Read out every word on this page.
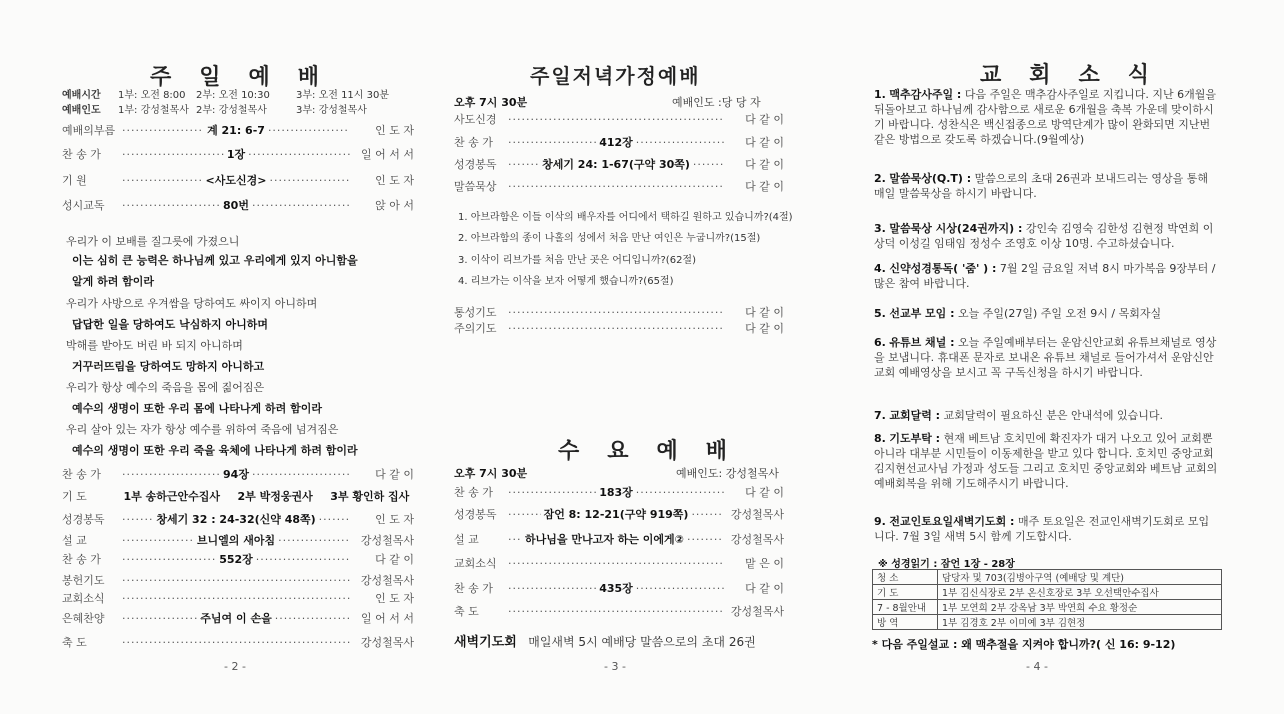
주일예배
예배시간 1부: 오전 8:00 2부: 오전 10:30	3부: 오전 11시 30분
예배인도 1부: 강성철목사 2부: 강성철목사	3부: 강성철목사
예배의부름 ·····	계 21: 6-7 ·····	인 도 자
찬 송 가 ·····	1장 ·····	일 어 서 서
기 원 ·····	<사도신경> ·····	인 도 자
성시교독 ·····	80번 ·····	앉 아 서
우리가 이 보배를 질그릇에 가졌으니
이는 심히 큰 능력은 하나님께 있고 우리에게 있지 아니함을
알게 하려 함이라
우리가 사방으로 우겨쌈을 당하여도 싸이지 아니하며
답답한 일을 당하여도 낙심하지 아니하며
박해를 받아도 버린 바 되지 아니하며
거꾸러뜨림을 당하여도 망하지 아니하고
우리가 항상 예수의 죽음을 몸에 짊어짐은
예수의 생명이 또한 우리 몸에 나타나게 하려 함이라
우리 살아 있는 자가 항상 예수를 위하여 죽음에 넘겨짐은
예수의 생명이 또한 우리 죽을 육체에 나타나게 하려 함이라
찬 송 가 ·····	94장 ·····	다 같 이
기 도	1부 송하근안수집사 2부 박정웅권사 3부 황인하 집사
성경봉독 ·····	창세기 32 : 24-32(신약 48쪽) ·····	인 도 자
설 교 ·····	브니엘의 새아침 ·····	강성철목사
찬 송 가 ·····	552장 ·····	다 같 이
봉헌기도 ·····	강성철목사
교회소식 ·····	인 도 자
은혜찬양 ·····	주님여 이 손을 ·····	일 어 서 서
축 도 ·····	강성철목사
- 2 -
주일저녁가정예배
오후 7시 30분	예배인도 :당 당 자
사도신경 ·····	다 같 이
찬 송 가 ·····	412장 ·····	다 같 이
성경봉독 ·····	창세기 24: 1-67(구약 30쪽) ·····	다 같 이
말씀묵상 ·····	다 같 이
1. 아브라함은 이들 이삭의 배우자를 어디에서 택하길 원하고 있습니까?(4절)
2. 아브라함의 종이 나홀의 성에서 처음 만난 여인은 누굽니까?(15절)
3. 이삭이 리브가를 처음 만난 곳은 어디입니까?(62절)
4. 리브가는 이삭을 보자 어떻게 했습니까?(65절)
통성기도 ·····	다 같 이
주의기도 ·····	다 같 이
수요예배
오후 7시 30분	예배인도: 강성철목사
찬 송 가 ·····	183장 ·····	다 같 이
성경봉독 ·····	잠언 8: 12-21(구약 919쪽) ·····	강성철목사
설 교 ·····	하나님을 만나고자 하는 이에게② ·····	강성철목사
교회소식 ·····	맡 은 이
찬 송 가 ·····	435장 ·····	다 같 이
축 도 ·····	강성철목사
새벽기도회 매일새벽 5시 예배당 말씀으로의 초대 26권
- 3 -
교회소식
1. 맥추감사주일 : 다음 주일은 맥추감사주일로 지킵니다. 지난 6개월을 뒤돌아보고 하나님께 감사함으로 새로운 6개월을 축복 가운데 맞이하시기 바랍니다. 성찬식은 백신접종으로 방역단계가 많이 완화되면 지난번 같은 방법으로 갖도록 하겠습니다.(9월예상)
2. 말씀묵상(Q.T) : 말씀으로의 초대 26권과 보내드리는 영상을 통해 매일 말씀묵상을 하시기 바랍니다.
3. 말씀묵상 시상(24권까지) : 강인숙 김영숙 김한성 김현정 박연희 이상덕 이성길 임태임 정성수 조영호 이상 10명. 수고하셨습니다.
4. 신약성경통독( '줌' ) : 7월 2일 금요일 저녁 8시 마가복음 9장부터 / 많은 참여 바랍니다.
5. 선교부 모임 : 오늘 주일(27일) 주일 오전 9시 / 목회자실
6. 유튜브 채널 : 오늘 주일예배부터는 운암신안교회 유튜브채널로 영상을 보냅니다. 휴대폰 문자로 보내온 유튜브 채널로 들어가셔서 운암신안교회 예배영상을 보시고 꼭 구독신청을 하시기 바랍니다.
7. 교회달력 : 교회달력이 필요하신 분은 안내석에 있습니다.
8. 기도부탁 : 현재 베트남 호치민에 확진자가 대거 나오고 있어 교회뿐 아니라 대부분 시민들이 이동제한을 받고 있다 합니다. 호치민 중앙교회 김지현선교사님 가정과 성도들 그리고 호치민 중앙교회와 베트남 교회의 예배회복을 위해 기도해주시기 바랍니다.
9. 전교인토요일새벽기도회 : 매주 토요일은 전교인새벽기도회로 모입니다. 7월 3일 새벽 5시 함께 기도합시다.
※ 성경읽기 : 잠언 1장 - 28장
청 소	담당자 및 703(김병아구역 (예배당 및 계단)
기 도	1부 김신식장로 2부 온신호장로 3부 오선택안수집사
7 - 8월안내	1부 모연희 2부 강옥남 3부 박연희 수요 황정순
방 역	1부 김경호 2부 이미예 3부 김현정
* 다음 주일설교 : 왜 맥추절을 지켜야 합니까?( 신 16: 9-12)
- 4 -
